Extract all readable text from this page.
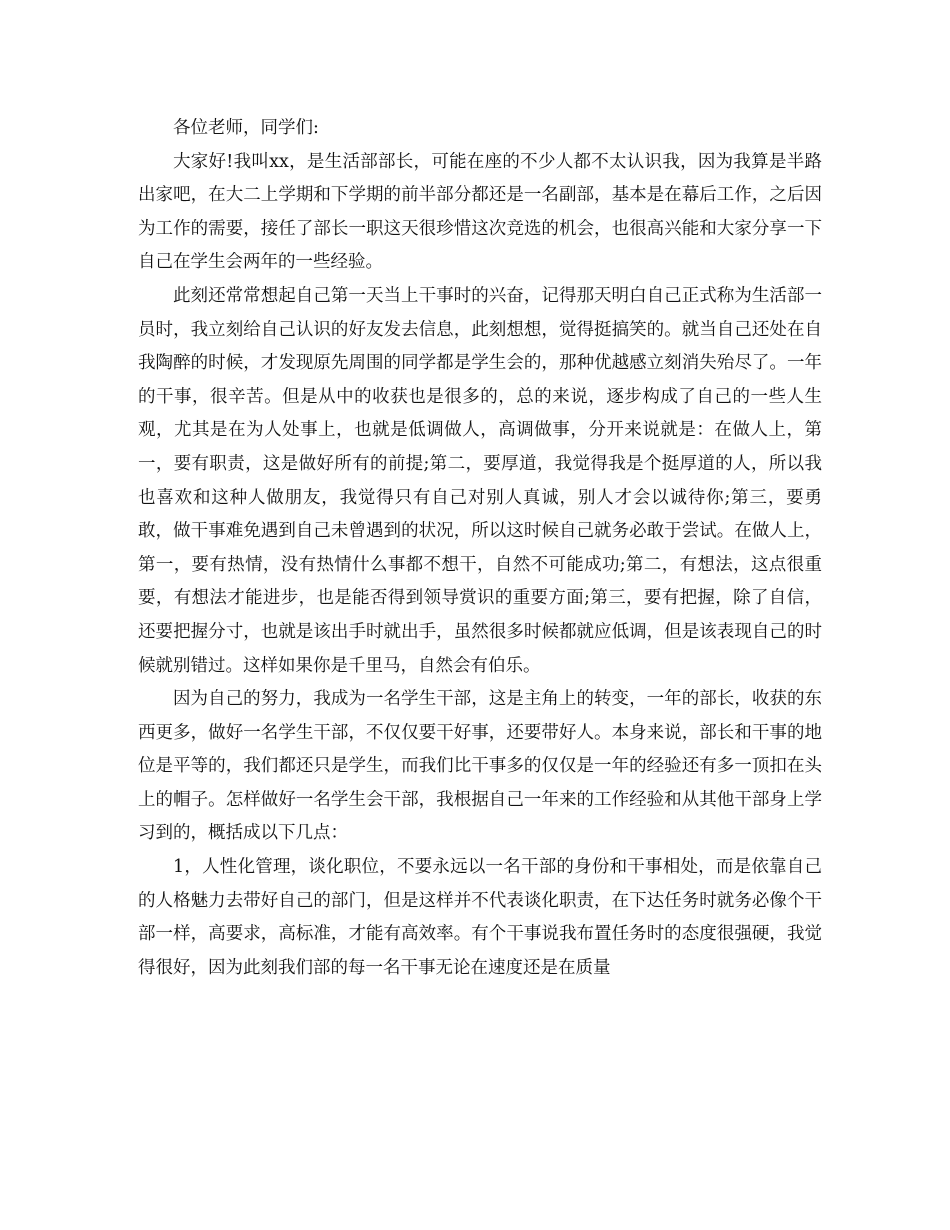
各位老师，同学们:

大家好!我叫xx，是生活部部长，可能在座的不少人都不太认识我，因为我算是半路出家吧，在大二上学期和下学期的前半部分都还是一名副部，基本是在幕后工作，之后因为工作的需要，接任了部长一职这天很珍惜这次竞选的机会，也很高兴能和大家分享一下自己在学生会两年的一些经验。

此刻还常常想起自己第一天当上干事时的兴奋，记得那天明白自己正式称为生活部一员时，我立刻给自己认识的好友发去信息，此刻想想，觉得挺搞笑的。就当自己还处在自我陶醉的时候，才发现原先周围的同学都是学生会的，那种优越感立刻消失殆尽了。一年的干事，很辛苦。但是从中的收获也是很多的，总的来说，逐步构成了自己的一些人生观，尤其是在为人处事上，也就是低调做人，高调做事，分开来说就是：在做人上，第一，要有职责，这是做好所有的前提;第二，要厚道，我觉得我是个挺厚道的人，所以我也喜欢和这种人做朋友，我觉得只有自己对别人真诚，别人才会以诚待你;第三，要勇敢，做干事难免遇到自己未曾遇到的状况，所以这时候自己就务必敢于尝试。在做人上，第一，要有热情，没有热情什么事都不想干，自然不可能成功;第二，有想法，这点很重要，有想法才能进步，也是能否得到领导赏识的重要方面;第三，要有把握，除了自信，还要把握分寸，也就是该出手时就出手，虽然很多时候都就应低调，但是该表现自己的时候就别错过。这样如果你是千里马，自然会有伯乐。

因为自己的努力，我成为一名学生干部，这是主角上的转变，一年的部长，收获的东西更多，做好一名学生干部，不仅仅要干好事，还要带好人。本身来说，部长和干事的地位是平等的，我们都还只是学生，而我们比干事多的仅仅是一年的经验还有多一顶扣在头上的帽子。怎样做好一名学生会干部，我根据自己一年来的工作经验和从其他干部身上学习到的，概括成以下几点：

1，人性化管理，谈化职位，不要永远以一名干部的身份和干事相处，而是依靠自己的人格魅力去带好自己的部门，但是这样并不代表谈化职责，在下达任务时就务必像个干部一样，高要求，高标准，才能有高效率。有个干事说我布置任务时的态度很强硬，我觉得很好，因为此刻我们部的每一名干事无论在速度还是在质量
